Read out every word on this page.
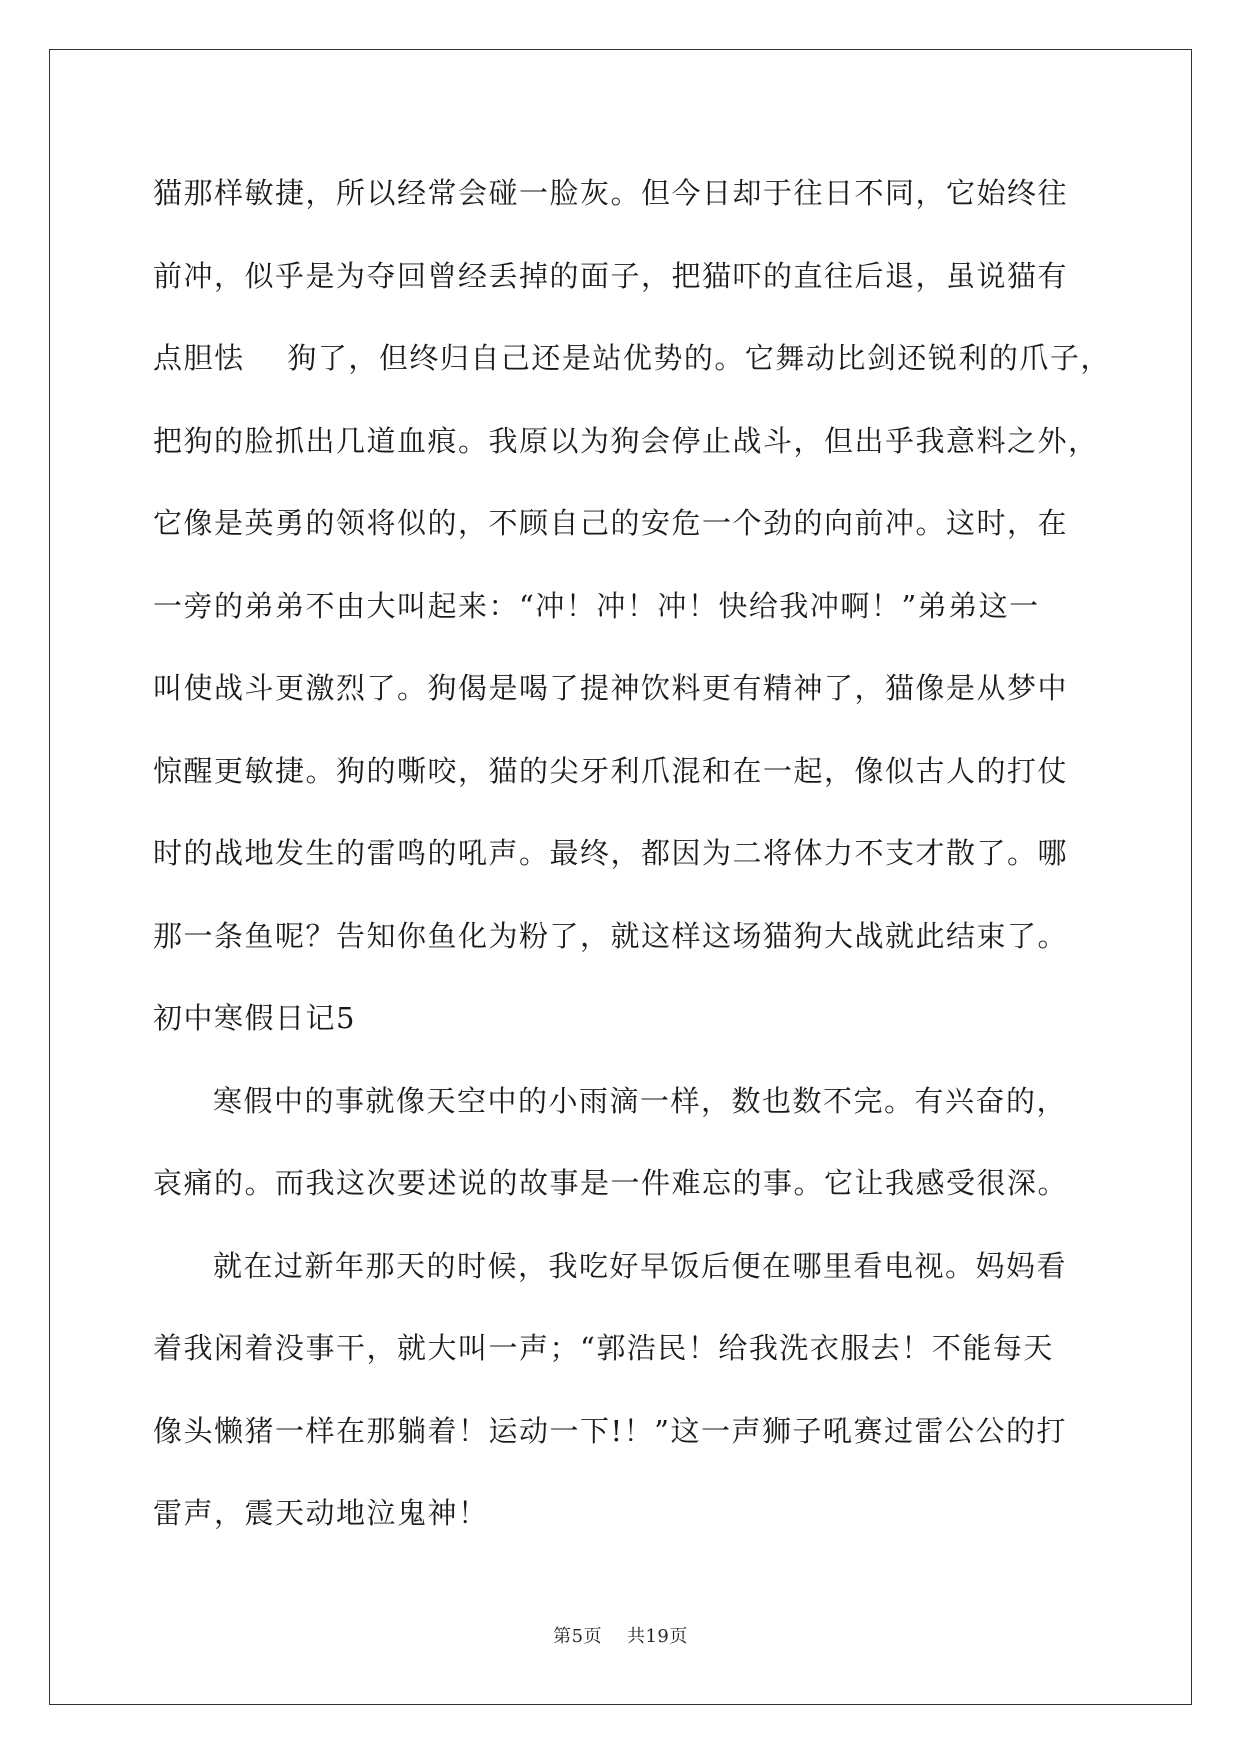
猫那样敏捷，所以经常会碰一脸灰。但今日却于往日不同，它始终往
前冲，似乎是为夺回曾经丢掉的面子，把猫吓的直往后退，虽说猫有
点胆怯    狗了，但终归自己还是站优势的。它舞动比剑还锐利的爪子，
把狗的脸抓出几道血痕。我原以为狗会停止战斗，但出乎我意料之外，
它像是英勇的领将似的，不顾自己的安危一个劲的向前冲。这时，在
一旁的弟弟不由大叫起来：“冲！冲！冲！快给我冲啊！”弟弟这一
叫使战斗更激烈了。狗偈是喝了提神饮料更有精神了，猫像是从梦中
惊醒更敏捷。狗的嘶咬，猫的尖牙利爪混和在一起，像似古人的打仗
时的战地发生的雷鸣的吼声。最终，都因为二将体力不支才散了。哪
那一条鱼呢？告知你鱼化为粉了，就这样这场猫狗大战就此结束了。
初中寒假日记5
寒假中的事就像天空中的小雨滴一样，数也数不完。有兴奋的，
哀痛的。而我这次要述说的故事是一件难忘的事。它让我感受很深。
就在过新年那天的时候，我吃好早饭后便在哪里看电视。妈妈看
着我闲着没事干，就大叫一声；“郭浩民！给我洗衣服去！不能每天
像头懒猪一样在那躺着！运动一下!！”这一声狮子吼赛过雷公公的打
雷声，震天动地泣鬼神！
第5页    共19页
